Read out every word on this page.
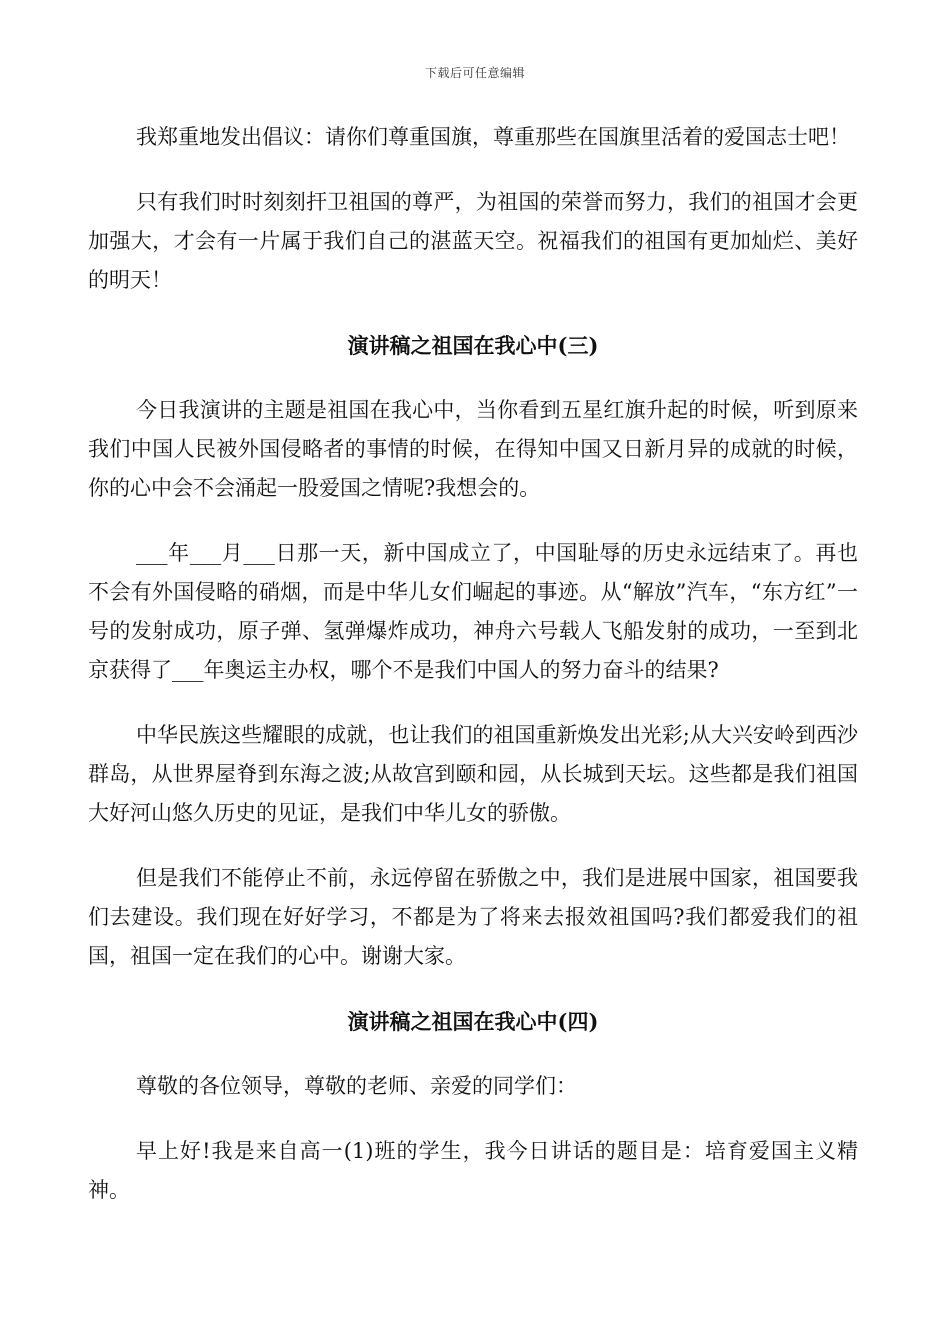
下载后可任意编辑

我郑重地发出倡议：请你们尊重国旗，尊重那些在国旗里活着的爱国志士吧！

只有我们时时刻刻扞卫祖国的尊严，为祖国的荣誉而努力，我们的祖国才会更加强大，才会有一片属于我们自己的湛蓝天空。祝福我们的祖国有更加灿烂、美好的明天！

演讲稿之祖国在我心中(三)

今日我演讲的主题是祖国在我心中，当你看到五星红旗升起的时候，听到原来我们中国人民被外国侵略者的事情的时候，在得知中国又日新月异的成就的时候，你的心中会不会涌起一股爱国之情呢?我想会的。

___年___月___日那一天，新中国成立了，中国耻辱的历史永远结束了。再也不会有外国侵略的硝烟，而是中华儿女们崛起的事迹。从“解放”汽车，“东方红”一号的发射成功，原子弹、氢弹爆炸成功，神舟六号载人飞船发射的成功，一至到北京获得了___年奥运主办权，哪个不是我们中国人的努力奋斗的结果?

中华民族这些耀眼的成就，也让我们的祖国重新焕发出光彩;从大兴安岭到西沙群岛，从世界屋脊到东海之波;从故宫到颐和园，从长城到天坛。这些都是我们祖国大好河山悠久历史的见证，是我们中华儿女的骄傲。

但是我们不能停止不前，永远停留在骄傲之中，我们是进展中国家，祖国要我们去建设。我们现在好好学习，不都是为了将来去报效祖国吗?我们都爱我们的祖国，祖国一定在我们的心中。谢谢大家。

演讲稿之祖国在我心中(四)

尊敬的各位领导，尊敬的老师、亲爱的同学们：

早上好!我是来自高一(1)班的学生，我今日讲话的题目是：培育爱国主义精神。
